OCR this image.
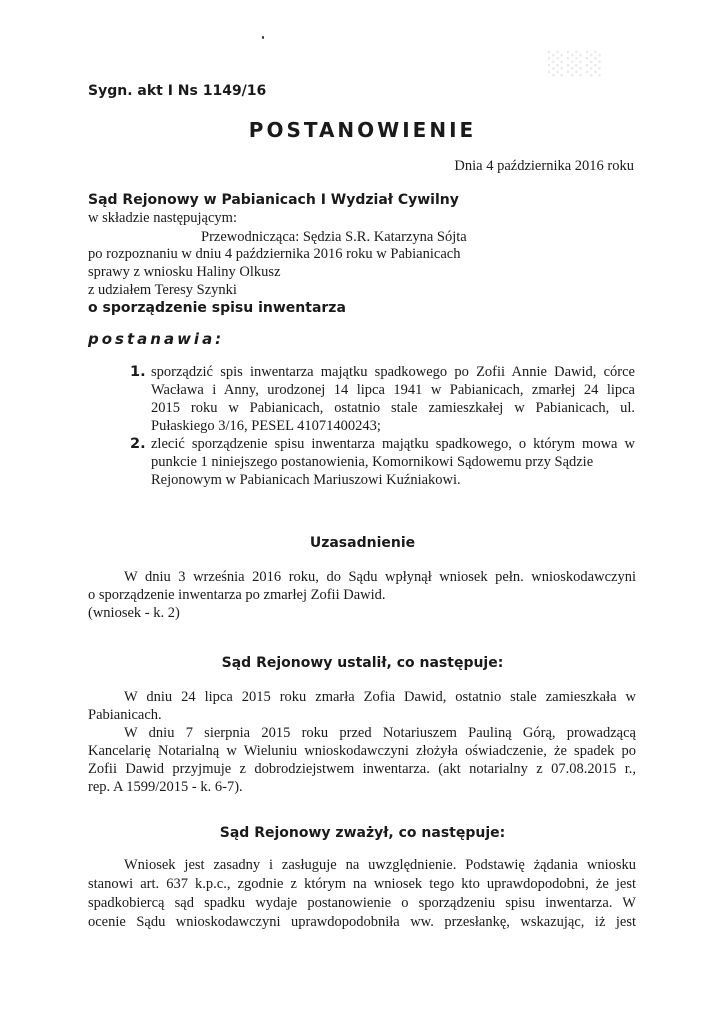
░░░
Sygn. akt I Ns 1149/16
POSTANOWIENIE
Dnia 4 października 2016 roku
Sąd Rejonowy w Pabianicach I Wydział Cywilny
w składzie następującym:
Przewodnicząca: Sędzia S.R. Katarzyna Sójta
po rozpoznaniu w dniu 4 października 2016 roku w Pabianicach
sprawy z wniosku Haliny Olkusz
z udziałem Teresy Szynki
o sporządzenie spisu inwentarza
postanawia:
1. sporządzić spis inwentarza majątku spadkowego po Zofii Annie Dawid, córce
Wacława i Anny, urodzonej 14 lipca 1941 w Pabianicach, zmarłej 24 lipca
2015 roku w Pabianicach, ostatnio stale zamieszkałej w Pabianicach, ul.
Pułaskiego 3/16, PESEL 41071400243;
2. zlecić sporządzenie spisu inwentarza majątku spadkowego, o którym mowa w
punkcie 1 niniejszego postanowienia, Komornikowi Sądowemu przy Sądzie
Rejonowym w Pabianicach Mariuszowi Kuźniakowi.
Uzasadnienie
W dniu 3 września 2016 roku, do Sądu wpłynął wniosek pełn. wnioskodawczyni
o sporządzenie inwentarza po zmarłej Zofii Dawid.
(wniosek - k. 2)
Sąd Rejonowy ustalił, co następuje:
W dniu 24 lipca 2015 roku zmarła Zofia Dawid, ostatnio stale zamieszkała w
Pabianicach.
W dniu 7 sierpnia 2015 roku przed Notariuszem Pauliną Górą, prowadzącą
Kancelarię Notarialną w Wieluniu wnioskodawczyni złożyła oświadczenie, że spadek po
Zofii Dawid przyjmuje z dobrodziejstwem inwentarza. (akt notarialny z 07.08.2015 r.,
rep. A 1599/2015 - k. 6-7).
Sąd Rejonowy zważył, co następuje:
Wniosek jest zasadny i zasługuje na uwzględnienie. Podstawię żądania wniosku
stanowi art. 637 k.p.c., zgodnie z którym na wniosek tego kto uprawdopodobni, że jest
spadkobiercą sąd spadku wydaje postanowienie o sporządzeniu spisu inwentarza. W
ocenie Sądu wnioskodawczyni uprawdopodobniła ww. przesłankę, wskazując, iż jest
